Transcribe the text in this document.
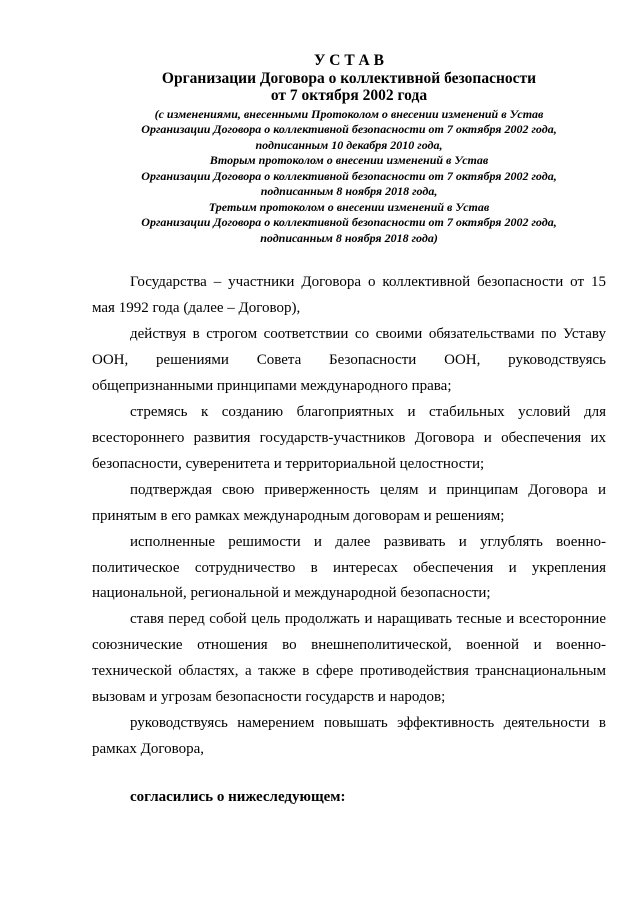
У С Т А В
Организации Договора о коллективной безопасности
от 7 октября 2002 года
(с изменениями, внесенными Протоколом о внесении изменений в Устав
Организации Договора о коллективной безопасности от 7 октября 2002 года,
подписанным 10 декабря 2010 года,
Вторым протоколом о внесении изменений в Устав
Организации Договора о коллективной безопасности от 7 октября 2002 года,
подписанным 8 ноября 2018 года,
Третьим протоколом о внесении изменений в Устав
Организации Договора о коллективной безопасности от 7 октября 2002 года,
подписанным 8 ноября 2018 года)

Государства – участники Договора о коллективной безопасности от 15 мая 1992 года (далее – Договор),

действуя в строгом соответствии со своими обязательствами по Уставу ООН, решениями Совета Безопасности ООН, руководствуясь общепризнанными принципами международного права;

стремясь к созданию благоприятных и стабильных условий для всестороннего развития государств-участников Договора и обеспечения их безопасности, суверенитета и территориальной целостности;

подтверждая свою приверженность целям и принципам Договора и принятым в его рамках международным договорам и решениям;

исполненные решимости и далее развивать и углублять военно-политическое сотрудничество в интересах обеспечения и укрепления национальной, региональной и международной безопасности;

ставя перед собой цель продолжать и наращивать тесные и всесторонние союзнические отношения во внешнеполитической, военной и военно-технической областях, а также в сфере противодействия транснациональным вызовам и угрозам безопасности государств и народов;

руководствуясь намерением повышать эффективность деятельности в рамках Договора,

согласились о нижеследующем:
